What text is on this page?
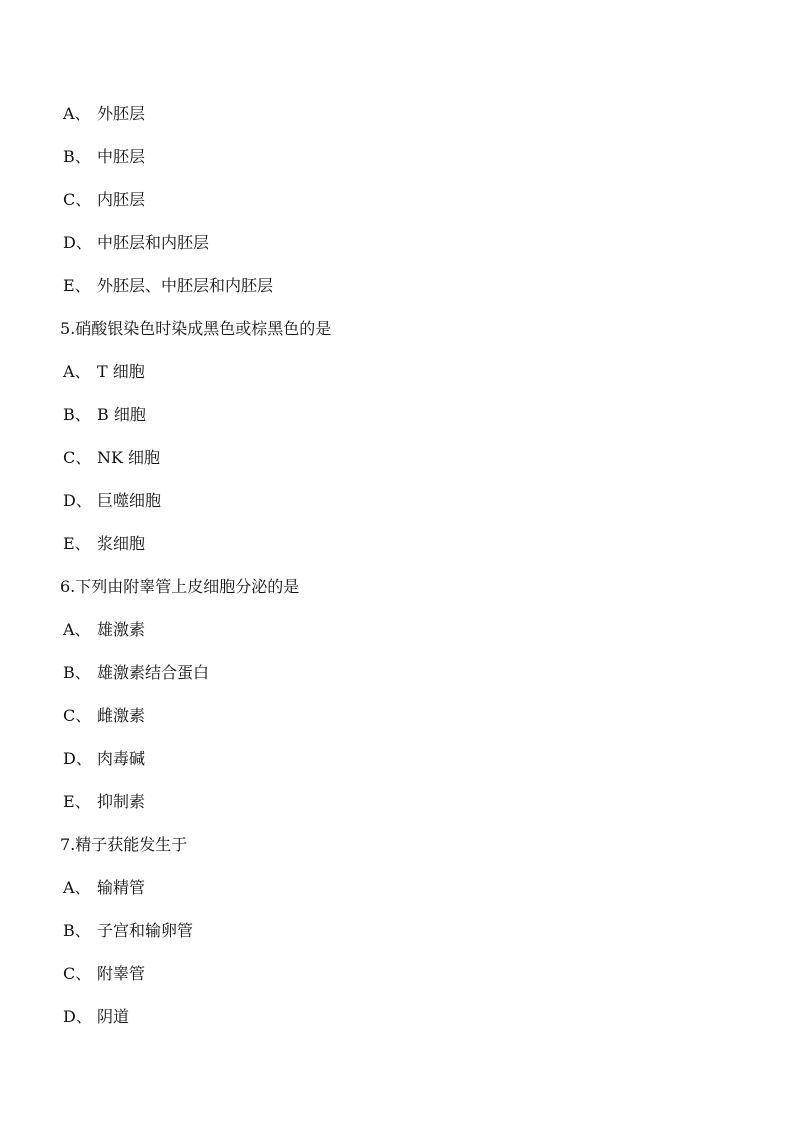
A、 外胚层
B、 中胚层
C、 内胚层
D、 中胚层和内胚层
E、 外胚层、中胚层和内胚层
5.硝酸银染色时染成黑色或棕黑色的是
A、 T 细胞
B、 B 细胞
C、 NK 细胞
D、 巨噬细胞
E、 浆细胞
6.下列由附睾管上皮细胞分泌的是
A、 雄激素
B、 雄激素结合蛋白
C、 雌激素
D、 肉毒碱
E、 抑制素
7.精子获能发生于
A、 输精管
B、 子宫和输卵管
C、 附睾管
D、 阴道
